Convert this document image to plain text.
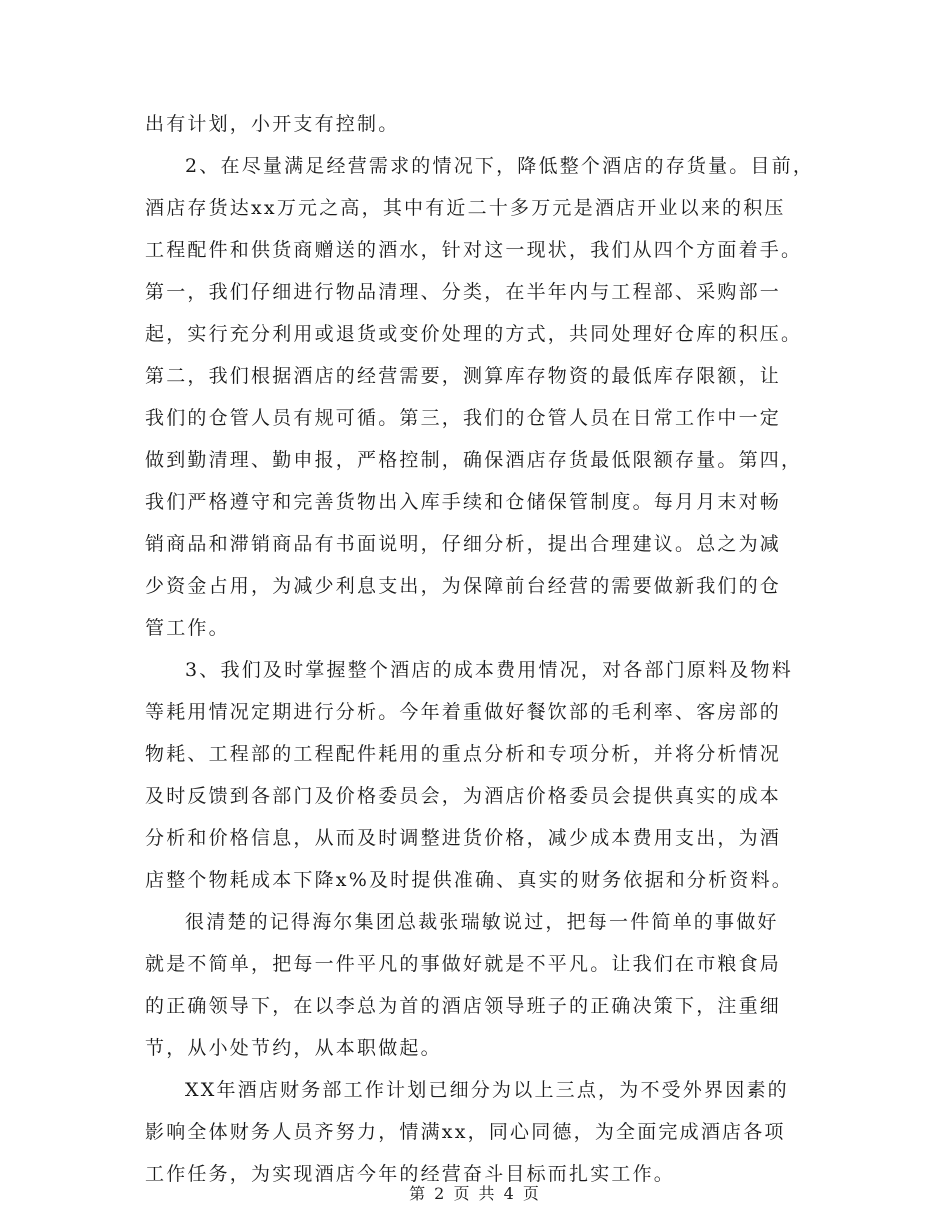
出有计划，小开支有控制。
2、在尽量满足经营需求的情况下，降低整个酒店的存货量。目前，
酒店存货达xx万元之高，其中有近二十多万元是酒店开业以来的积压
工程配件和供货商赠送的酒水，针对这一现状，我们从四个方面着手。
第一，我们仔细进行物品清理、分类，在半年内与工程部、采购部一
起，实行充分利用或退货或变价处理的方式，共同处理好仓库的积压。
第二，我们根据酒店的经营需要，测算库存物资的最低库存限额，让
我们的仓管人员有规可循。第三，我们的仓管人员在日常工作中一定
做到勤清理、勤申报，严格控制，确保酒店存货最低限额存量。第四，
我们严格遵守和完善货物出入库手续和仓储保管制度。每月月末对畅
销商品和滞销商品有书面说明，仔细分析，提出合理建议。总之为减
少资金占用，为减少利息支出，为保障前台经营的需要做新我们的仓
管工作。
3、我们及时掌握整个酒店的成本费用情况，对各部门原料及物料
等耗用情况定期进行分析。今年着重做好餐饮部的毛利率、客房部的
物耗、工程部的工程配件耗用的重点分析和专项分析，并将分析情况
及时反馈到各部门及价格委员会，为酒店价格委员会提供真实的成本
分析和价格信息，从而及时调整进货价格，减少成本费用支出，为酒
店整个物耗成本下降x%及时提供准确、真实的财务依据和分析资料。
很清楚的记得海尔集团总裁张瑞敏说过，把每一件简单的事做好
就是不简单，把每一件平凡的事做好就是不平凡。让我们在市粮食局
的正确领导下，在以李总为首的酒店领导班子的正确决策下，注重细
节，从小处节约，从本职做起。
XX年酒店财务部工作计划已细分为以上三点，为不受外界因素的
影响全体财务人员齐努力，情满xx，同心同德，为全面完成酒店各项
工作任务，为实现酒店今年的经营奋斗目标而扎实工作。
第 2 页 共 4 页
